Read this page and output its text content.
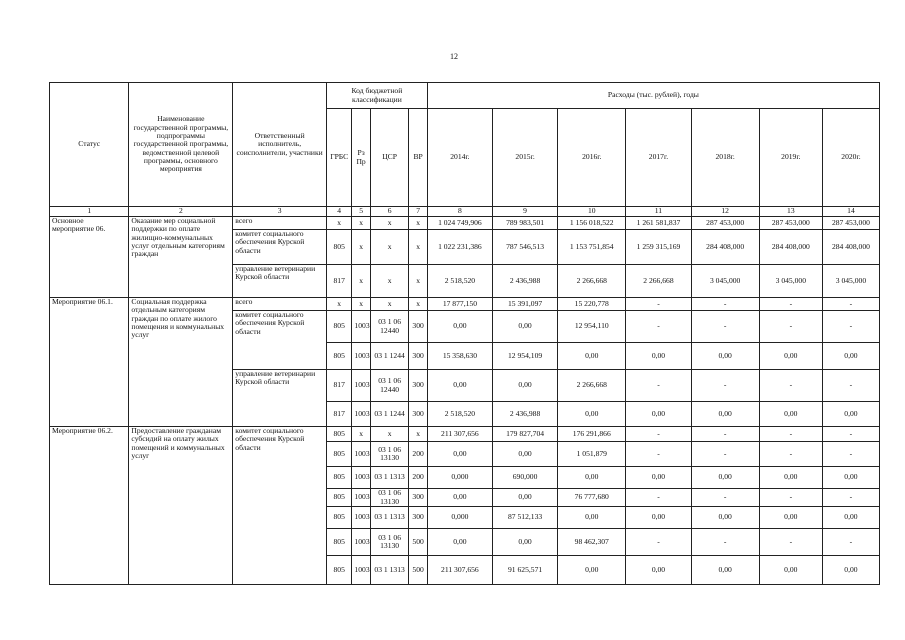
12
Статус	Наименование государственной программы, подпрограммы государственной программы, ведомственной целевой программы, основного мероприятия	Ответственный исполнитель, соисполнители, участники	Код бюджетной классификации				Расходы (тыс. рублей), годы						
			ГРБС	Рз Пр	ЦСР	ВР	2014г.	2015г.	2016г.	2017г.	2018г.	2019г.	2020г.
1	2	3	4	5	6	7	8	9	10	11	12	13	14
Основное мероприятие 06.	Оказание мер социальной поддержки по оплате жилищно-коммунальных услуг отдельным категориям граждан	всего	х	х	х	х	1 024 749,906	789 983,501	1 156 018,522	1 261 581,837	287 453,000	287 453,000	287 453,000
		комитет социального обеспечения Курской области	805	х	х	х	1 022 231,386	787 546,513	1 153 751,854	1 259 315,169	284 408,000	284 408,000	284 408,000
		управление ветеринарии Курской области	817	х	х	х	2 518,520	2 436,988	2 266,668	2 266,668	3 045,000	3 045,000	3 045,000
Мероприятие 06.1.	Социальная поддержка отдельным категориям граждан по оплате жилого помещения и коммунальных услуг	всего	х	х	х	х	17 877,150	15 391,097	15 220,778	-	-	-	-
		комитет социального обеспечения Курской области	805	1003	03 1 06 12440	300	0,00	0,00	12 954,110	-	-	-	-
			805	1003	03 1 1244	300	15 358,630	12 954,109	0,00	0,00	0,00	0,00	0,00
		управление ветеринарии Курской области	817	1003	03 1 06 12440	300	0,00	0,00	2 266,668	-	-	-	-
			817	1003	03 1 1244	300	2 518,520	2 436,988	0,00	0,00	0,00	0,00	0,00
Мероприятие 06.2.	Предоставление гражданам субсидий на оплату жилых помещений и коммунальных услуг	комитет социального обеспечения Курской области	805	х	х	х	211 307,656	179 827,704	176 291,866	-	-	-	-
			805	1003	03 1 06 13130	200	0,00	0,00	1 051,879	-	-	-	-
			805	1003	03 1 1313	200	0,000	690,000	0,00	0,00	0,00	0,00	0,00
			805	1003	03 1 06 13130	300	0,00	0,00	76 777,680	-	-	-	-
			805	1003	03 1 1313	300	0,000	87 512,133	0,00	0,00	0,00	0,00	0,00
			805	1003	03 1 06 13130	500	0,00	0,00	98 462,307	-	-	-	-
			805	1003	03 1 1313	500	211 307,656	91 625,571	0,00	0,00	0,00	0,00	0,00
